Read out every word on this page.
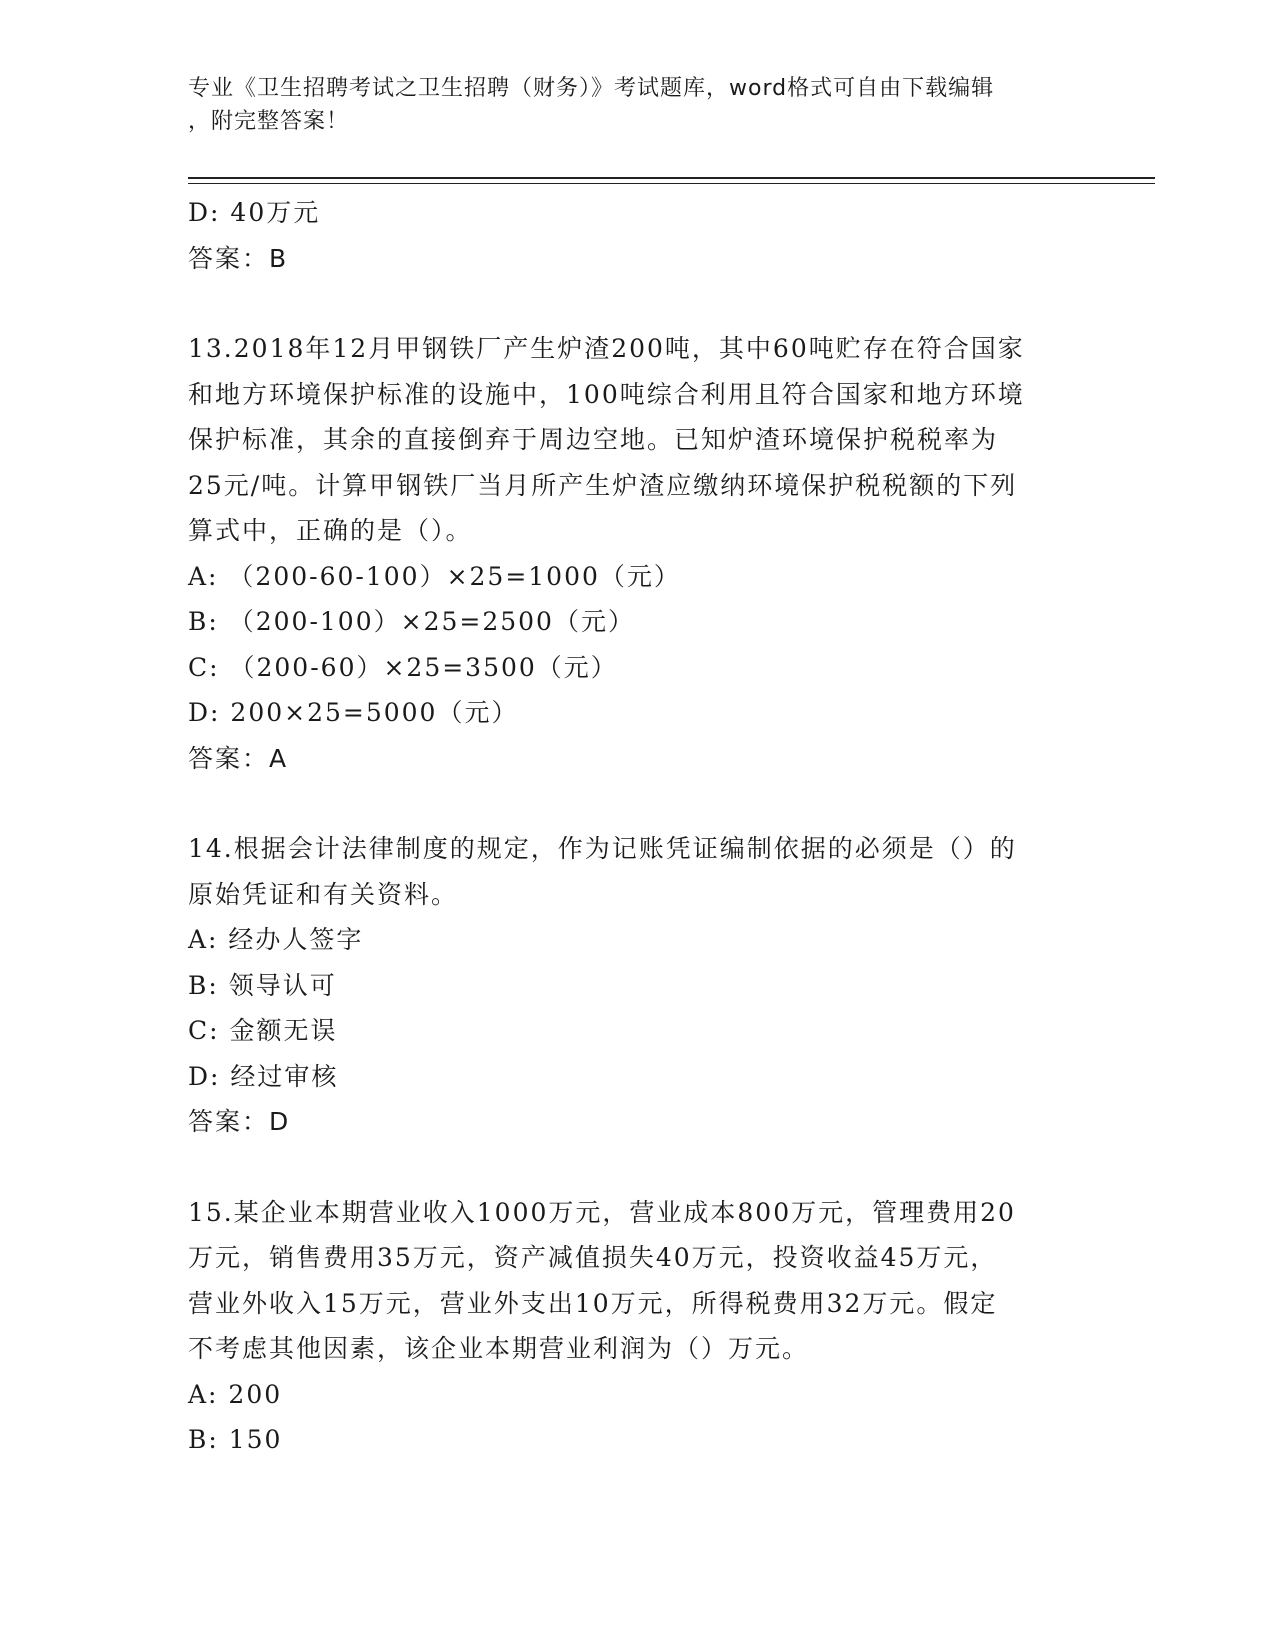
专业《卫生招聘考试之卫生招聘（财务）》考试题库，word格式可自由下载编辑
，附完整答案！
D: 40万元
答案：B
13.2018年12月甲钢铁厂产生炉渣200吨，其中60吨贮存在符合国家
和地方环境保护标准的设施中，100吨综合利用且符合国家和地方环境
保护标准，其余的直接倒弃于周边空地。已知炉渣环境保护税税率为
25元/吨。计算甲钢铁厂当月所产生炉渣应缴纳环境保护税税额的下列
算式中，正确的是（）。
A: （200-60-100）×25=1000（元）
B: （200-100）×25=2500（元）
C: （200-60）×25=3500（元）
D: 200×25=5000（元）
答案：A
14.根据会计法律制度的规定，作为记账凭证编制依据的必须是（）的
原始凭证和有关资料。
A: 经办人签字
B: 领导认可
C: 金额无误
D: 经过审核
答案：D
15.某企业本期营业收入1000万元，营业成本800万元，管理费用20
万元，销售费用35万元，资产减值损失40万元，投资收益45万元，
营业外收入15万元，营业外支出10万元，所得税费用32万元。假定
不考虑其他因素，该企业本期营业利润为（）万元。
A: 200
B: 150
